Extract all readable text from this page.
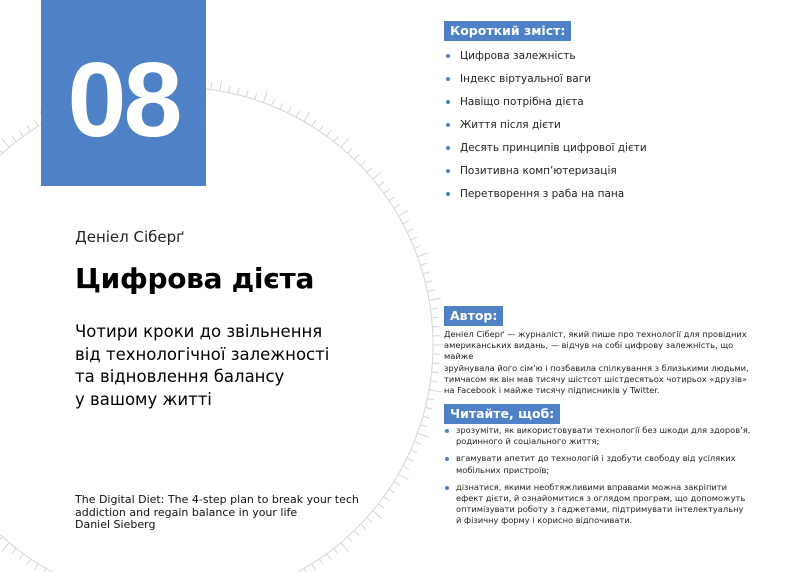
08
Деніел Сіберґ
Цифрова дієта
Чотири кроки до звільнення
від технологічної залежності
та відновлення балансу
у вашому житті
The Digital Diet: The 4-step plan to break your tech
addiction and regain balance in your life
Daniel Sieberg
Короткий зміст:
Цифрова залежність
Індекс віртуальної ваги
Навіщо потрібна дієта
Життя після дієти
Десять принципів цифрової дієти
Позитивна комп’ютеризація
Перетворення з раба на пана
Автор:
Деніел Сіберґ — журналіст, який пише про технології для провідних
американських видань, — відчув на собі цифрову залежність, що майже
зруйнувала його сім’ю і позбавила спілкування з близькими людьми,
тимчасом як він мав тисячу шістсот шістдесятьох чотирьох «друзів»
на Facebook і майже тисячу підписників у Twitter.
Читайте, щоб:
зрозуміти, як використовувати технології без шкоди для здоров’я,
родинного й соціального життя;
вгамувати апетит до технологій і здобути свободу від усіляких
мобільних пристроїв;
дізнатися, якими необтяжливими вправами можна закріпити
ефект дієти, й ознайомитися з оглядом програм, що допоможуть
оптимізувати роботу з гаджетами, підтримувати інтелектуальну
й фізичну форму і корисно відпочивати.
